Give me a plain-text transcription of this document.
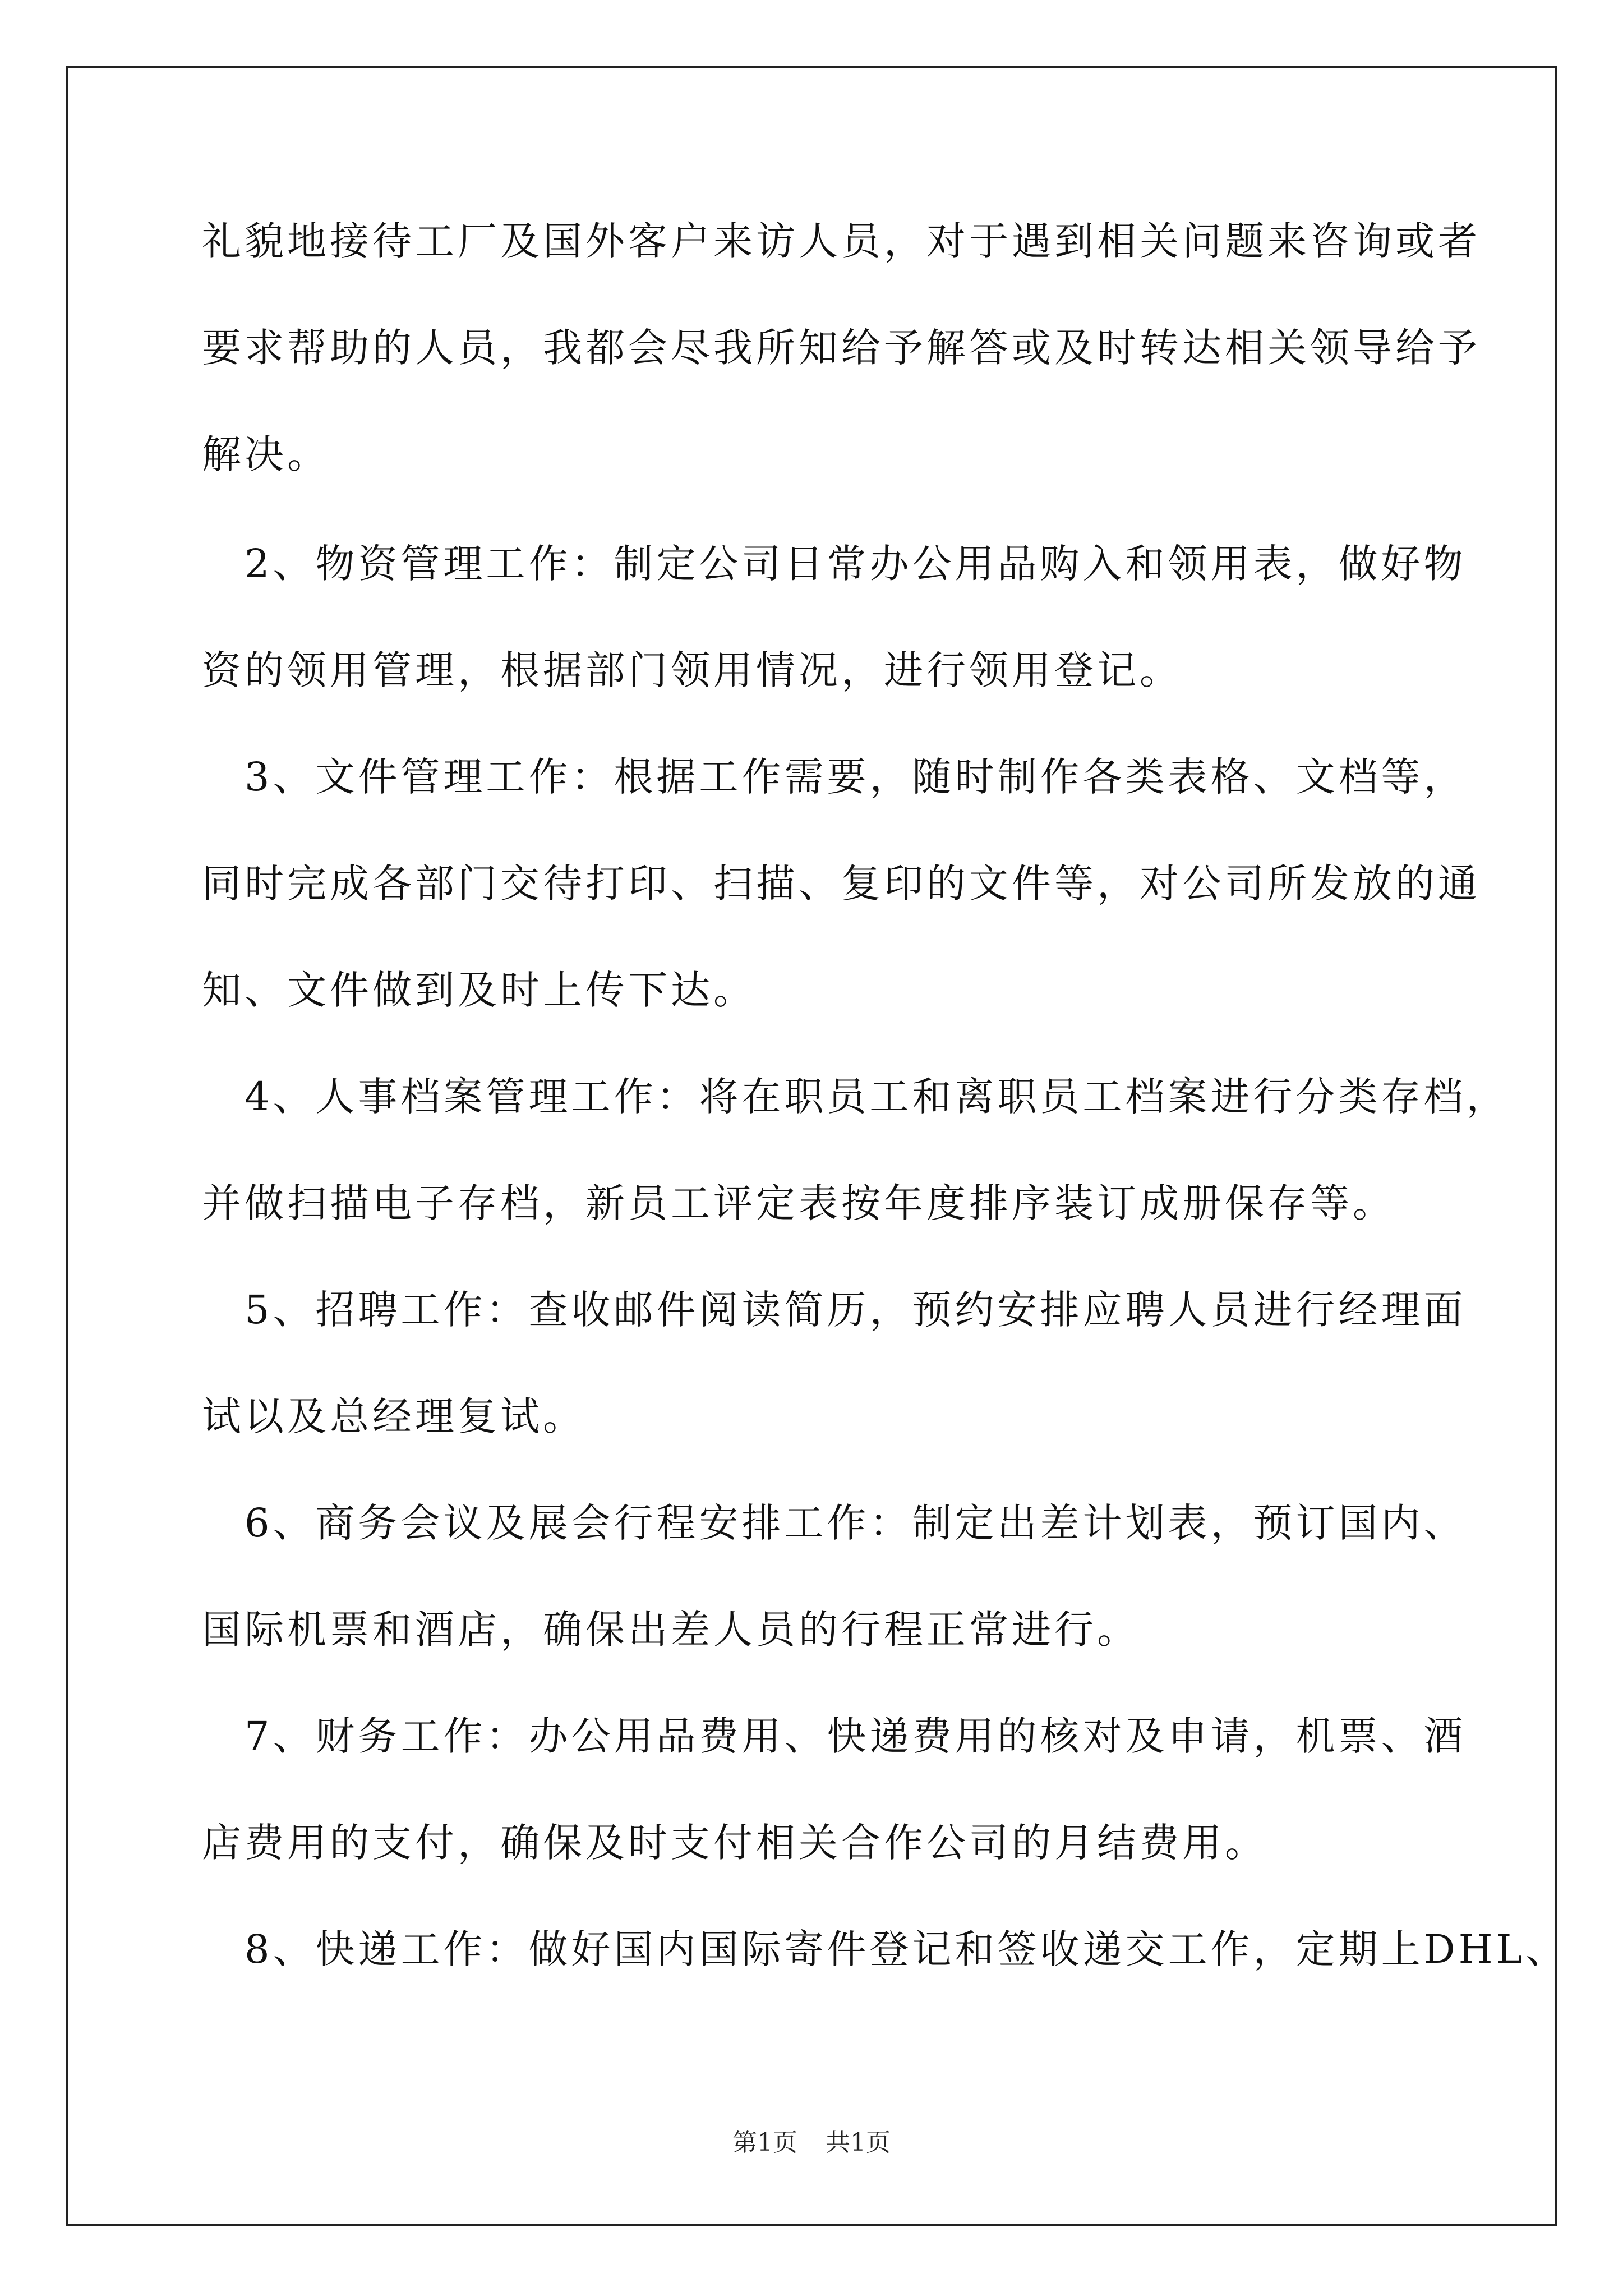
礼貌地接待工厂及国外客户来访人员，对于遇到相关问题来咨询或者
要求帮助的人员，我都会尽我所知给予解答或及时转达相关领导给予
解决。
　2、物资管理工作：制定公司日常办公用品购入和领用表，做好物
资的领用管理，根据部门领用情况，进行领用登记。
　3、文件管理工作：根据工作需要，随时制作各类表格、文档等，
同时完成各部门交待打印、扫描、复印的文件等，对公司所发放的通
知、文件做到及时上传下达。
　4、人事档案管理工作：将在职员工和离职员工档案进行分类存档，
并做扫描电子存档，新员工评定表按年度排序装订成册保存等。
　5、招聘工作：查收邮件阅读简历，预约安排应聘人员进行经理面
试以及总经理复试。
　6、商务会议及展会行程安排工作：制定出差计划表，预订国内、
国际机票和酒店，确保出差人员的行程正常进行。
　7、财务工作：办公用品费用、快递费用的核对及申请，机票、酒
店费用的支付，确保及时支付相关合作公司的月结费用。
　8、快递工作：做好国内国际寄件登记和签收递交工作，定期上DHL、
第1页 共1页
